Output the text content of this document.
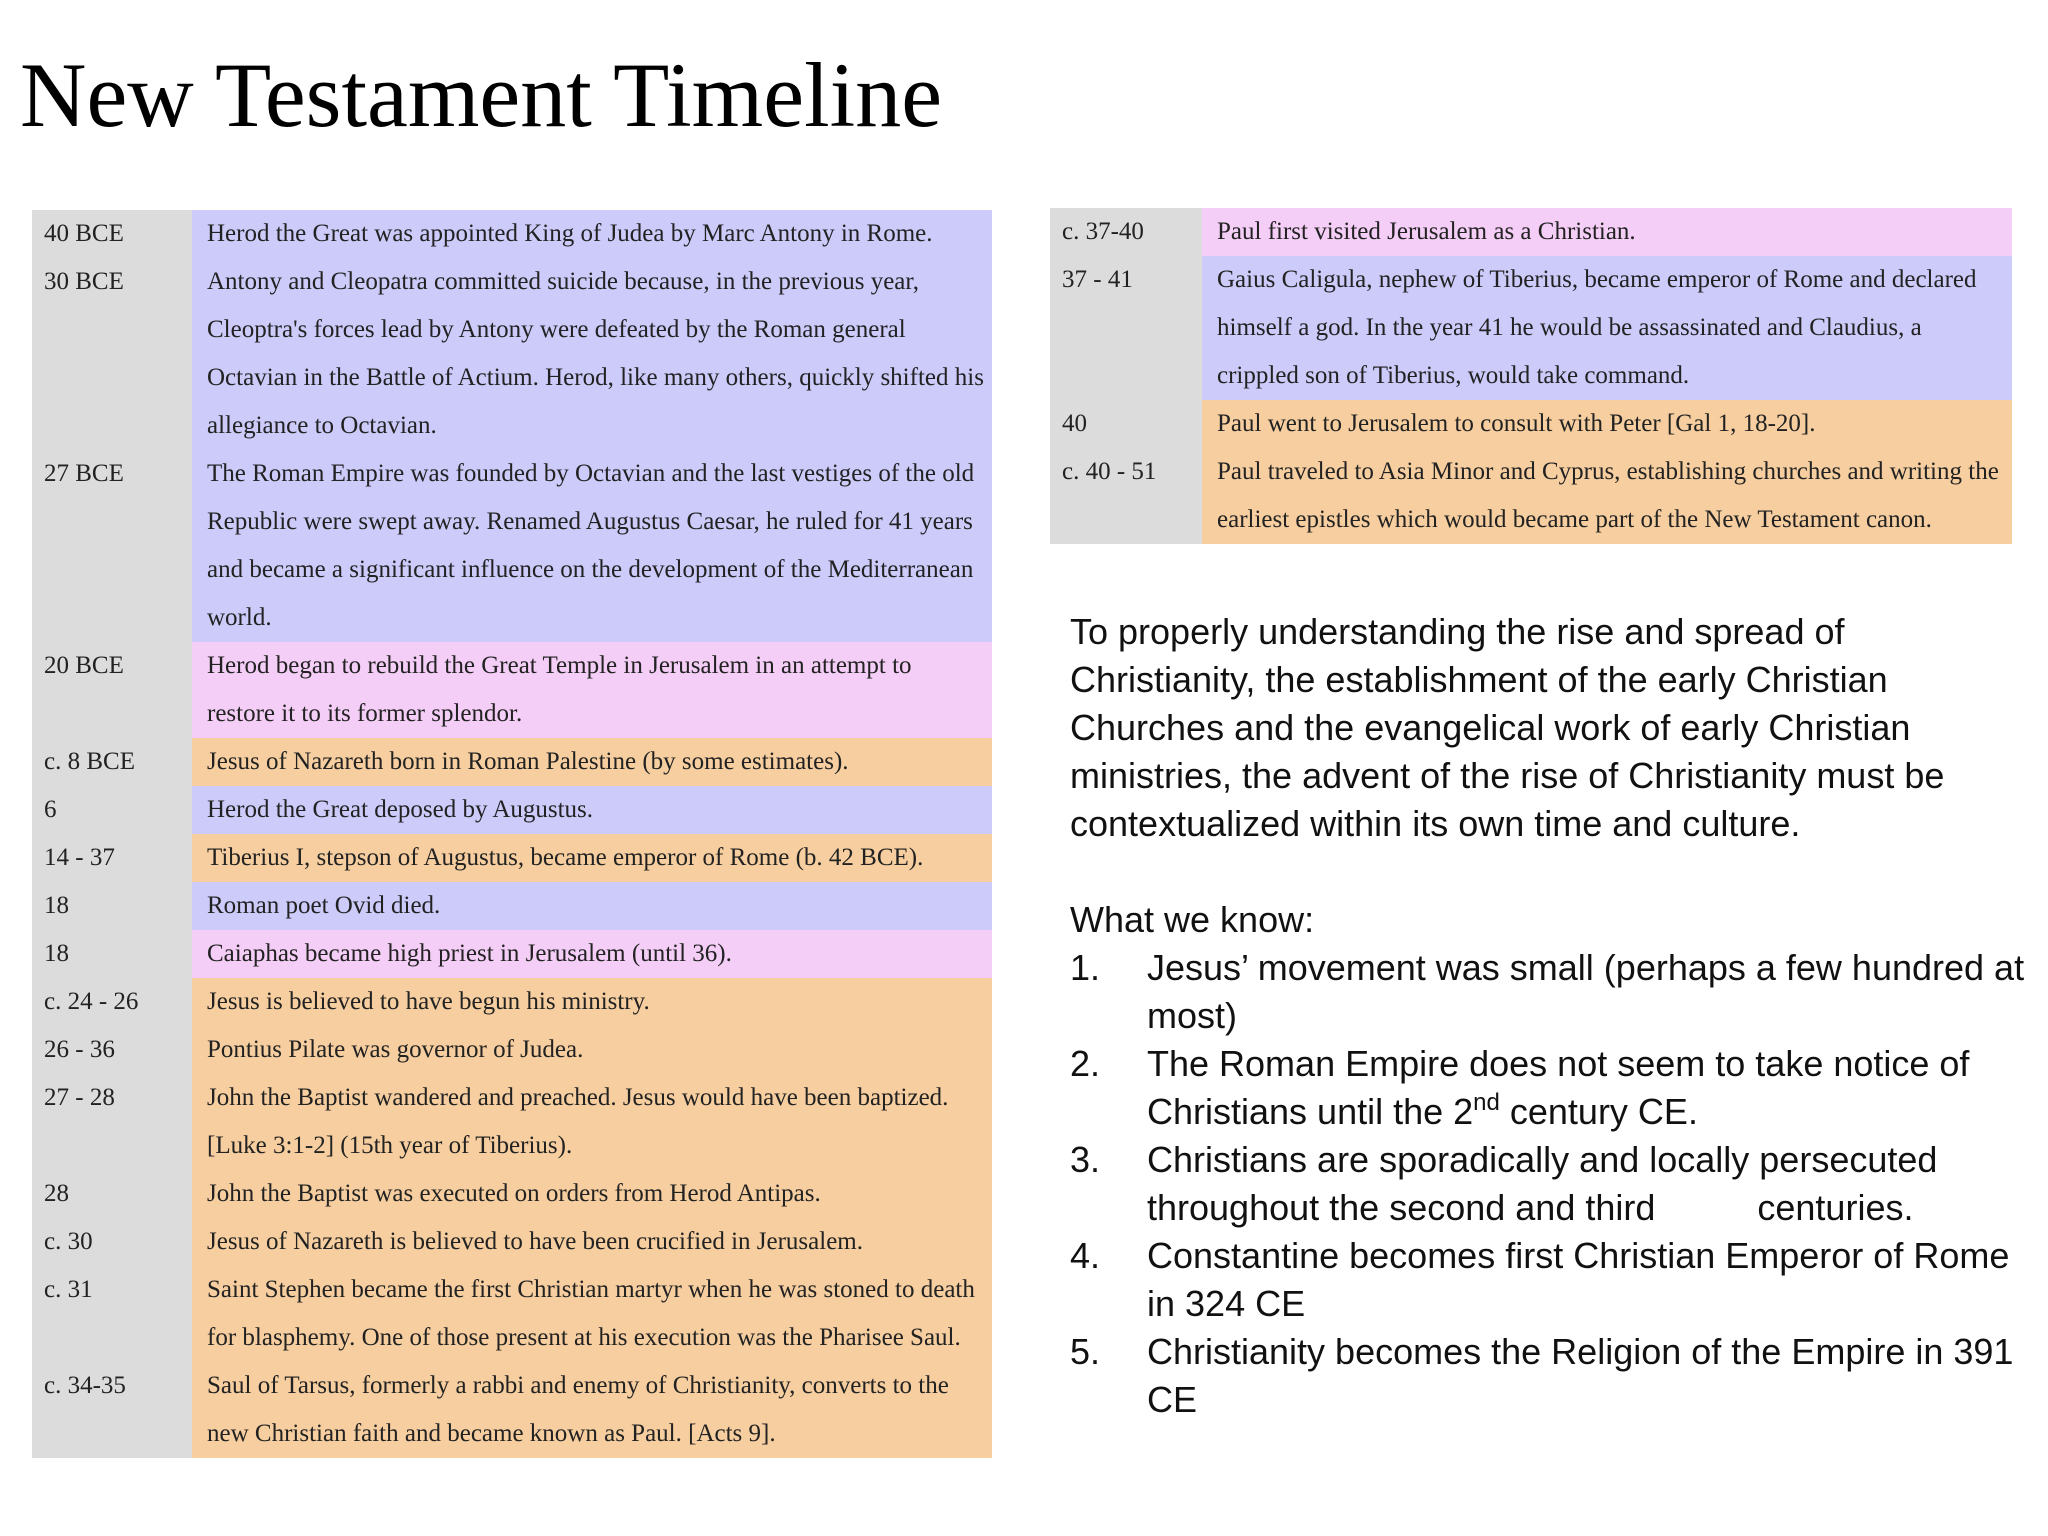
New Testament Timeline
40 BCE	Herod the Great was appointed King of Judea by Marc Antony in Rome.
30 BCE	Antony and Cleopatra committed suicide because, in the previous year, Cleoptra's forces lead by Antony were defeated by the Roman general Octavian in the Battle of Actium. Herod, like many others, quickly shifted his allegiance to Octavian.
27 BCE	The Roman Empire was founded by Octavian and the last vestiges of the old Republic were swept away. Renamed Augustus Caesar, he ruled for 41 years and became a significant influence on the development of the Mediterranean world.
20 BCE	Herod began to rebuild the Great Temple in Jerusalem in an attempt to restore it to its former splendor.
c. 8 BCE	Jesus of Nazareth born in Roman Palestine (by some estimates).
6	Herod the Great deposed by Augustus.
14 - 37	Tiberius I, stepson of Augustus, became emperor of Rome (b. 42 BCE).
18	Roman poet Ovid died.
18	Caiaphas became high priest in Jerusalem (until 36).
c. 24 - 26	Jesus is believed to have begun his ministry.
26 - 36	Pontius Pilate was governor of Judea.
27 - 28	John the Baptist wandered and preached. Jesus would have been baptized. [Luke 3:1-2] (15th year of Tiberius).
28	John the Baptist was executed on orders from Herod Antipas.
c. 30	Jesus of Nazareth is believed to have been crucified in Jerusalem.
c. 31	Saint Stephen became the first Christian martyr when he was stoned to death for blasphemy. One of those present at his execution was the Pharisee Saul.
c. 34-35	Saul of Tarsus, formerly a rabbi and enemy of Christianity, converts to the new Christian faith and became known as Paul. [Acts 9].
c. 37-40	Paul first visited Jerusalem as a Christian.
37 - 41	Gaius Caligula, nephew of Tiberius, became emperor of Rome and declared himself a god. In the year 41 he would be assassinated and Claudius, a crippled son of Tiberius, would take command.
40	Paul went to Jerusalem to consult with Peter [Gal 1, 18-20].
c. 40 - 51	Paul traveled to Asia Minor and Cyprus, establishing churches and writing the earliest epistles which would became part of the New Testament canon.

To properly understanding the rise and spread of Christianity, the establishment of the early Christian Churches and the evangelical work of early Christian ministries, the advent of the rise of Christianity must be contextualized within its own time and culture.

What we know:

1.	Jesus’ movement was small (perhaps a few hundred at most)
2.	The Roman Empire does not seem to take notice of Christians until the 2nd century CE.
3.	Christians are sporadically and locally persecuted throughout the second and third	centuries.
4.	Constantine becomes first Christian Emperor of Rome in 324 CE
5.	Christianity becomes the Religion of the Empire in 391 CE
